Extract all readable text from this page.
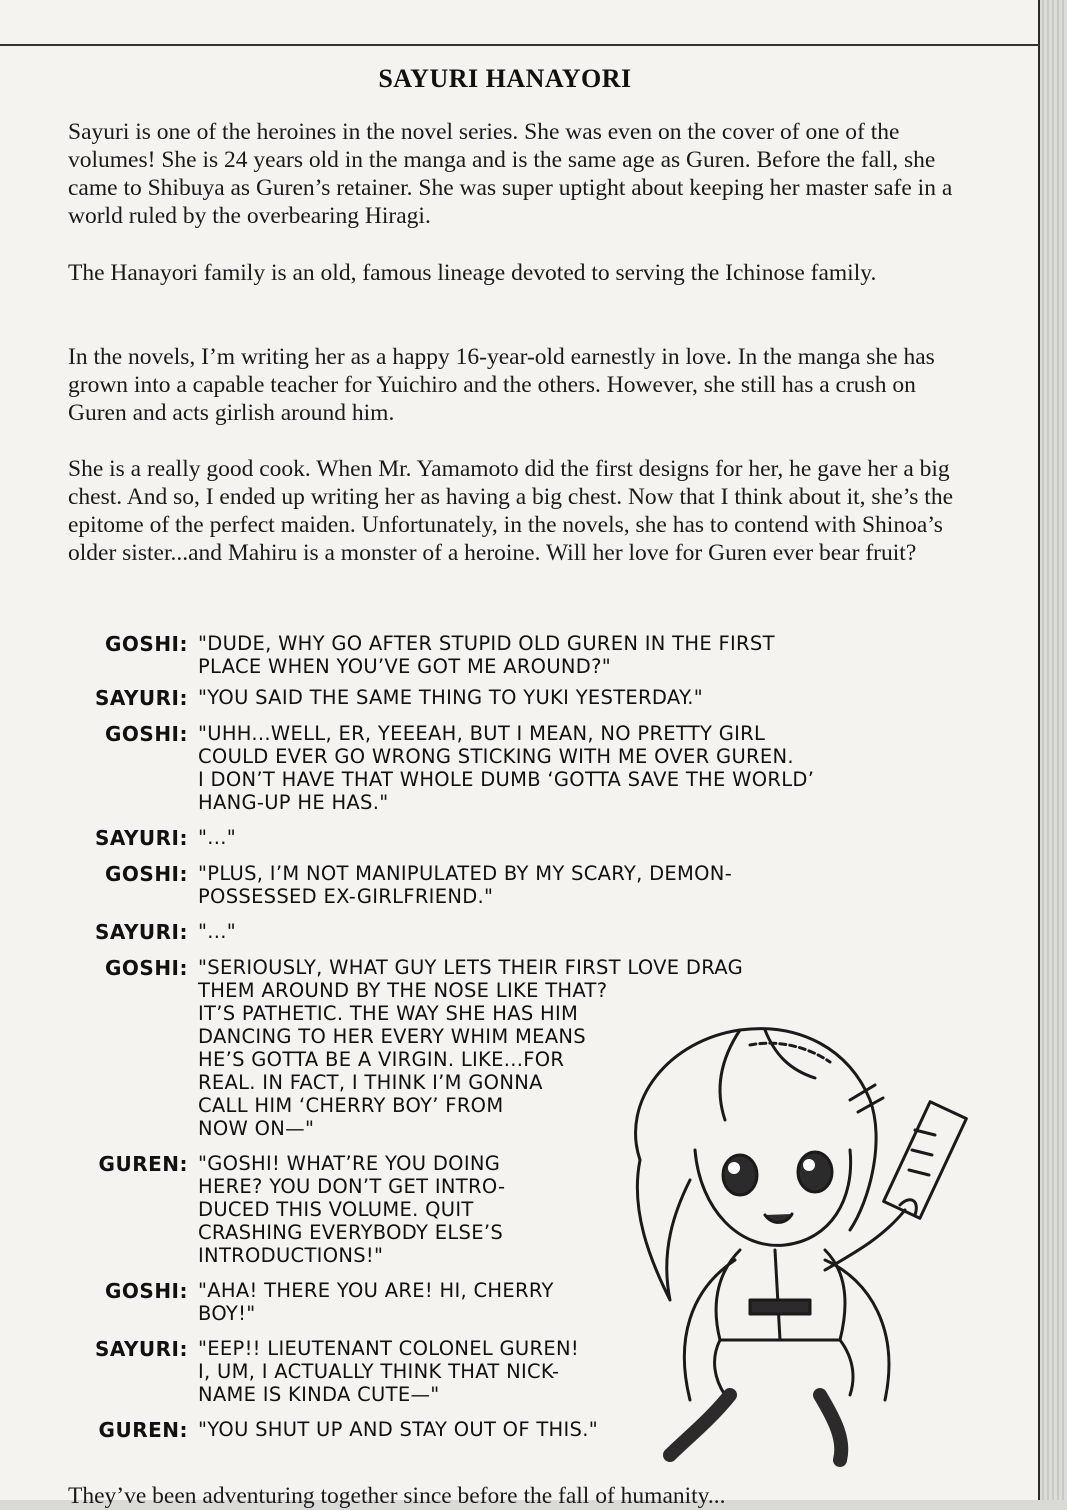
SAYURI HANAYORI

Sayuri is one of the heroines in the novel series. She was even on the cover of one of the volumes! She is 24 years old in the manga and is the same age as Guren. Before the fall, she came to Shibuya as Guren’s retainer. She was super uptight about keeping her master safe in a world ruled by the overbearing Hiragi.

The Hanayori family is an old, famous lineage devoted to serving the Ichinose family.

In the novels, I’m writing her as a happy 16-year-old earnestly in love. In the manga she has grown into a capable teacher for Yuichiro and the others. However, she still has a crush on Guren and acts girlish around him.

She is a really good cook. When Mr. Yamamoto did the first designs for her, he gave her a big chest. And so, I ended up writing her as having a big chest. Now that I think about it, she’s the epitome of the perfect maiden. Unfortunately, in the novels, she has to contend with Shinoa’s older sister...and Mahiru is a monster of a heroine. Will her love for Guren ever bear fruit?

GOSHI: "DUDE, WHY GO AFTER STUPID OLD GUREN IN THE FIRST
PLACE WHEN YOU’VE GOT ME AROUND?"
SAYURI: "YOU SAID THE SAME THING TO YUKI YESTERDAY."
GOSHI: "UHH...WELL, ER, YEEEAH, BUT I MEAN, NO PRETTY GIRL
COULD EVER GO WRONG STICKING WITH ME OVER GUREN.
I DON’T HAVE THAT WHOLE DUMB ‘GOTTA SAVE THE WORLD’
HANG-UP HE HAS."
SAYURI: "..."
GOSHI: "PLUS, I’M NOT MANIPULATED BY MY SCARY, DEMON-
POSSESSED EX-GIRLFRIEND."
SAYURI: "..."
GOSHI: "SERIOUSLY, WHAT GUY LETS THEIR FIRST LOVE DRAG
THEM AROUND BY THE NOSE LIKE THAT?
IT’S PATHETIC. THE WAY SHE HAS HIM
DANCING TO HER EVERY WHIM MEANS
HE’S GOTTA BE A VIRGIN. LIKE...FOR
REAL. IN FACT, I THINK I’M GONNA
CALL HIM ‘CHERRY BOY’ FROM
NOW ON—"
GUREN: "GOSHI! WHAT’RE YOU DOING
HERE? YOU DON’T GET INTRO-
DUCED THIS VOLUME. QUIT
CRASHING EVERYBODY ELSE’S
INTRODUCTIONS!"
GOSHI: "AHA! THERE YOU ARE! HI, CHERRY
BOY!"
SAYURI: "EEP!! LIEUTENANT COLONEL GUREN!
I, UM, I ACTUALLY THINK THAT NICK-
NAME IS KINDA CUTE—"
GUREN: "YOU SHUT UP AND STAY OUT OF THIS."
They’ve been adventuring together since before the fall of humanity...
